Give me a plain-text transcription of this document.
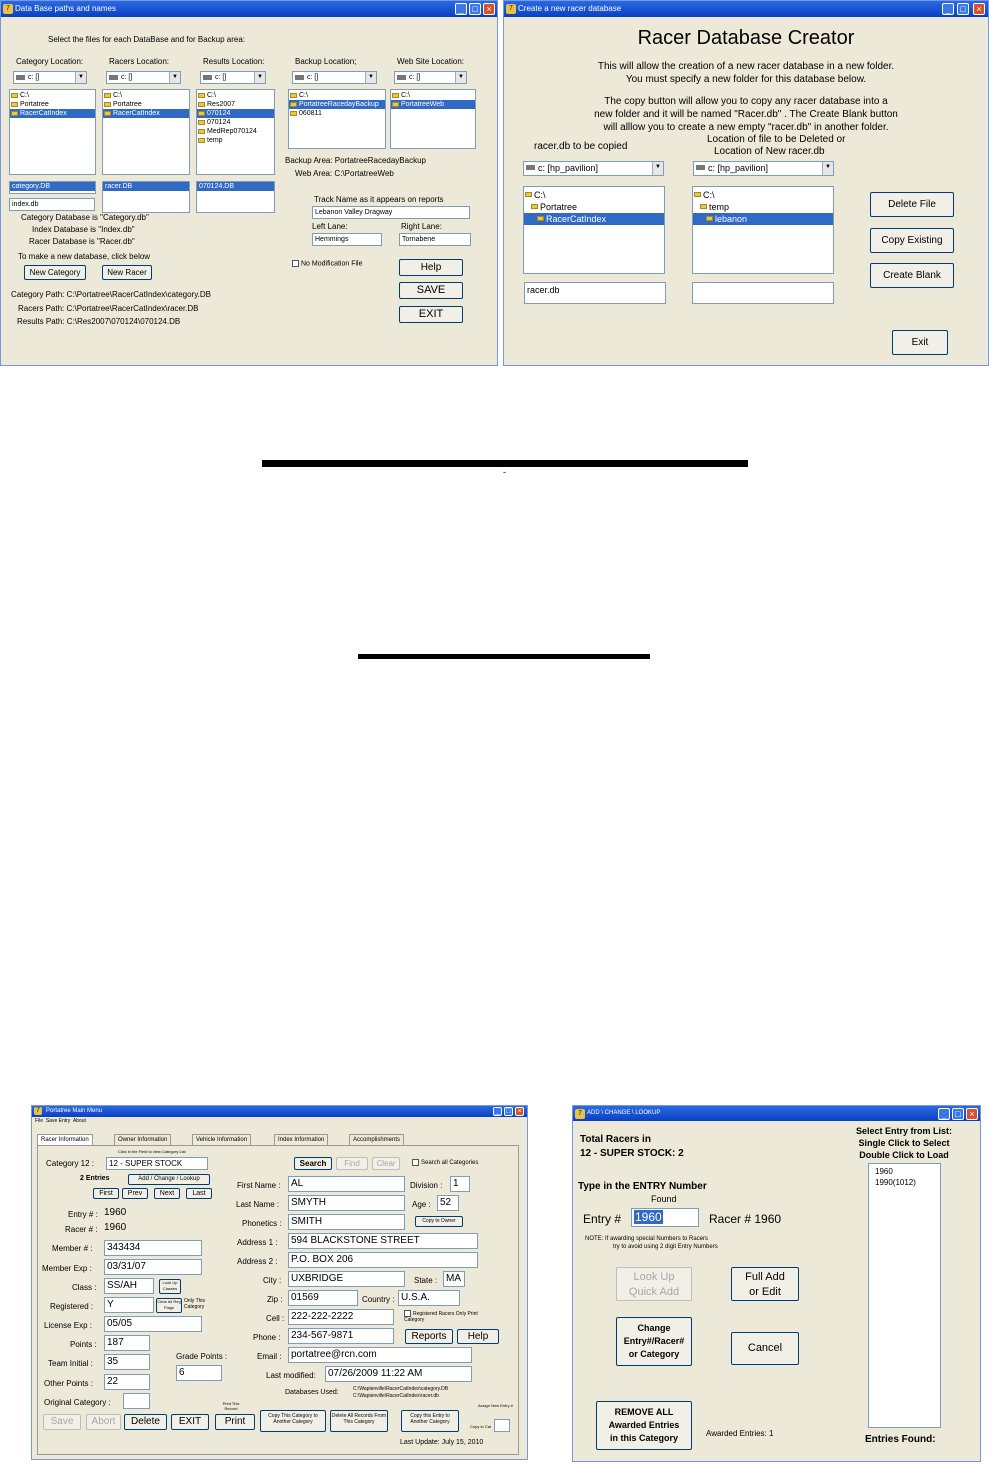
7 Data Base paths and names	_ □ ×
Select the files for each DataBase and for Backup area:
Category Location:
c: []	▼
C:\
Portatree
RacerCatIndex
category.DB
Racers Location:
c: []	▼
C:\
Portatree
RacerCatIndex
racer.DB
Results Location:
c: []	▼
C:\
Res2007
070124
070124
MedRep070124
temp
070124.DB
Backup Location;
c: []	▼
C:\
PortatreeRacedayBackup
060811
Web Site Location:
c: []	▼
C:\
PortatreeWeb
index.db
Backup Area: PortatreeRacedayBackup
Web Area: C:\PortatreeWeb
Category Database is "Category.db"
Index Database is "Index.db"
Racer Database is "Racer.db"
To make a new database, click below
New Category	New Racer
Track Name as it appears on reports
Lebanon Valley Dragway
Left Lane:
Hemmings
Right Lane:
Tornabene
No Modification File	Help
SAVE
EXIT
Category Path: C:\Portatree\RacerCatIndex\category.DB
Racers Path: C:\Portatree\RacerCatIndex\racer.DB
Results Path: C:\Res2007\070124\070124.DB
7 Create a new racer database	_	□	×
Racer Database Creator
This will allow the creation of a new racer database in a new folder.
You must specify a new folder for this database below.
The copy button will allow you to copy any racer database into a
new folder and it will be named "Racer.db" . The Create Blank button
will alllow you to create a new empty "racer.db" in another folder.
racer.db to be copied
Location of file to be Deleted or
Location of New racer.db
c: [hp_pavilion]	▼	c: [hp_pavilion]	▼
C:\
Portatree
RacerCatIndex
C:\
temp
lebanon
racer.db
Delete File
Copy Existing
Create Blank
Exit
-
7	Portatree Main Menu	_ □ ×
File Save Entry About
Racer Information	Owner Information	Vehicle Information	Index Information	Accomplishments
Category 12 :
Click in the Field to view Category List
12 - SUPER STOCK
2 Entries	Add / Change / Lookup
First	Prev	Next	Last
Entry # : 1960
Racer # : 1960
Member # :	343434
Member Exp :	03/31/07
Class :	SS/AH	Look Up Classes
Registered :	Y	Clear All Reg Flags
Only This Category
License Exp :	05/05
Points :	187
Grade Points :
6
Team Initial :	35
Other Points :	22
Original Category :
Search	Find	Clear	Search all Categories
First Name :	AL	Division :	1
Last Name :	SMYTH	Age : 52
Phonetics : SMITH	Copy to Owner
Address 1 :	594 BLACKSTONE STREET
Address 2 :	P.O. BOX 206
City : UXBRIDGE	State : MA
Zip : 01569	Country : U.S.A.
Cell : 222-222-2222	Registered Racers Only Print Category
Phone :	234-567-9871	Reports	Help
Email : portatree@rcn.com
Last modified:	07/26/2009 11:22 AM
Databases Used:	C:\Wapienville\RacerCatIndex\category.DB
C:\Wapienville\RacerCatIndex\racer.db
Assign New Entry #
Copy to Cat
Save	Abort	Delete	EXIT
Print This Record
Print	Copy This Category to Another Category
Delete All Records From This Category
Copy this Entry to Another Category
Last Update: July 15, 2010
7 ADD \ CHANGE \ LOOKUP	_ □ ×
Total Racers in
12 - SUPER STOCK: 2
Select Entry from List:
Single Click to Select
Double Click to Load
1960
1990(1012)
Type in the ENTRY Number
Found
Entry #	1960	Racer # 1960
NOTE: If awarding special Numbers to Racers
try to avoid using 2 digit Entry Numbers
Look Up
Quick Add
Full Add
or Edit
Change
Entry#/Racer#
or Category	Cancel
REMOVE ALL
Awarded Entries
in this Category	Awarded Entries: 1
Entries Found:
